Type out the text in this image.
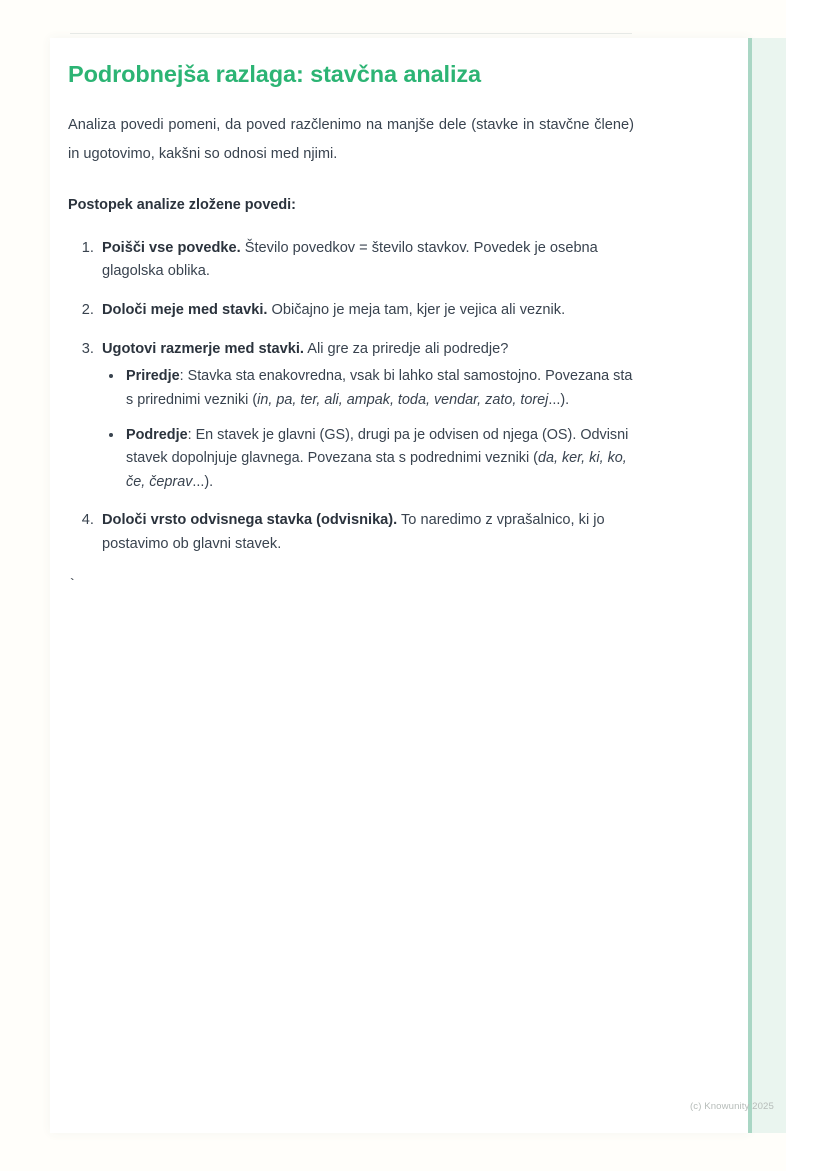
Podrobnejša razlaga: stavčna analiza

Analiza povedi pomeni, da poved razčlenimo na manjše dele (stavke in stavčne člene) in ugotovimo, kakšni so odnosi med njimi.

Postopek analize zložene povedi:

1. Poišči vse povedke. Število povedkov = število stavkov. Povedek je osebna glagolska oblika.
2. Določi meje med stavki. Običajno je meja tam, kjer je vejica ali veznik.
3. Ugotovi razmerje med stavki. Ali gre za priredje ali podredje?
• Priredje: Stavka sta enakovredna, vsak bi lahko stal samostojno. Povezana sta s prirednimi vezniki (in, pa, ter, ali, ampak, toda, vendar, zato, torej...).
• Podredje: En stavek je glavni (GS), drugi pa je odvisen od njega (OS). Odvisni stavek dopolnjuje glavnega. Povezana sta s podrednimi vezniki (da, ker, ki, ko, če, čeprav...).
4. Določi vrsto odvisnega stavka (odvisnika). To naredimo z vprašalnico, ki jo postavimo ob glavni stavek.
`
(c) Knowunity 2025
